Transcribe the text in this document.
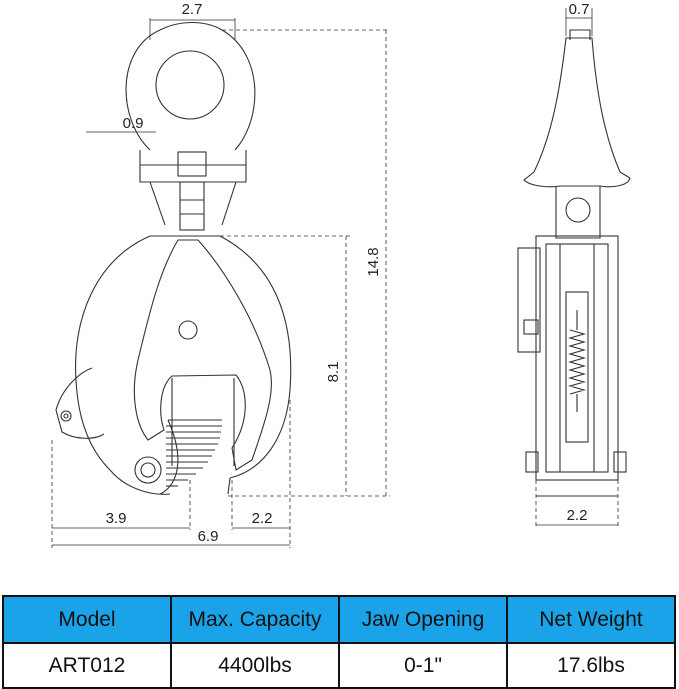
2.7
0.9
14.8
8.1
3.9	2.2
6.9
0.7
2.2
Model	Max. Capacity	Jaw Opening	Net Weight
ART012	4400lbs	0-1"	17.6lbs
